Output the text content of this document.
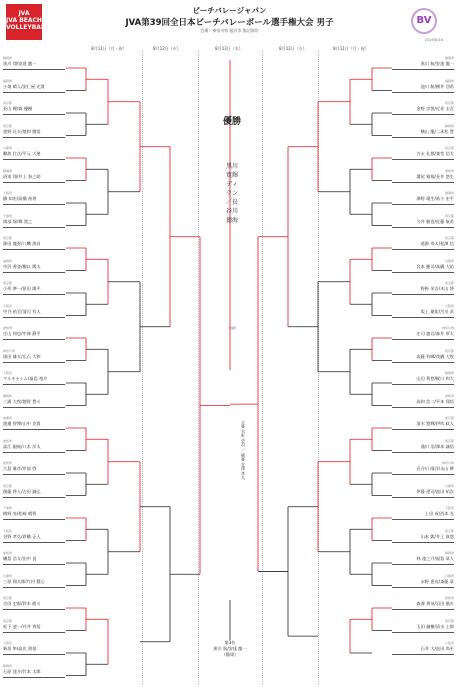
JVA
JVA BEACH VOLLEYBALL
BV
ビーチバレージャパン
JVA第39回全日本ビーチバレーボール選手権大会 男子
会場：神奈川県 藤沢市 鵠沼海岸
2025/8/16
8月11日（月・祝）	8月12日（火）	8月13日（水）	8月12日（火）	8月11日（月・祝）
静岡県
黒川 翔/安達 龍一
福岡県
小畑 晴人/安仁屋 光貴
東京都
長山 榎/森 優樹
東京都
金野 礼夫/境和 陽悟
兵庫県
難波 壮汰/平元 大進
静岡県
清家 翔/井上 泰之助
大阪府
橋 知宏/高橋 裕将
千葉県
岡部 保/舞 貴之
東京都
源田 龍弥/八幡 海音
福岡県
中沢 香登/柳以 陽太
東京都
小形 準一/原田 陽平
大阪府
中谷 祐至/清辺 有人
愛知県
庄山 和也/中澤 静平
神奈川県
岡田 雄太/広石 大和
大阪府
マルキナシム/福島 竜介
静岡県
三浦 大悦/越智 豊斗
沖縄県
渡邉 智博/山中 克貴
愛知県
高江 銀純/八木 洋太
愛知県
大島 雅彦/岸部 啓
東京都
後藤 将人/吉田 錦弘
千葉県
梅野 亮/松崎 晴智
大阪府
谷野 孝弘/倉橋 正人
愛知県
磯島 浩太/田中 良
兵庫県
三原 翔太郎/竹村 賢心
東京都
吉田 史郎/鈴木 皓斗
東京都
松下 凌一/丹井 秀悟
大阪府
新垣 隼/高比 朋基
静岡県
石原 達介/竹本 太郎
静岡県
黒川 航/安達 龍一
福岡県
池川 航/横井 団希
東京都
金野 宗悦/近祥 圭吾
静岡県
横山 龍/二本松 豊
東京都
吉永 礼都/兼堂 信太
愛知県
溝尾 雅規/長井 悠生
静岡県
澤野 瑠生/前小 宏平
東京都
今井 駿也/佐藤 航希
東京都
道源 寿太/松澤 信
兵庫県
宮本 慶司/高橋 大祐
東京都
野野 栄吾/木山 将
大阪府
坂上 雄矩/呂川 武
神奈川県
庄司 憲吾/森井 厚太
東京都
高藤 有暉/茂橋 大悦
静岡県
山辺 利悠/梶口 和大
愛知県
高和 信二/平本 翔悟
東京都
清水 惣輝/伊吹 政人
東京都
浦川 浩/澤本 誠悟
神奈川県
長谷川 隆洋/永山 輝
兵庫県
伊藤 遼司/池田 祐次
大阪府
上田 成/西本 光
東京都
山本 凱/井上 真悠
静岡県
林 徳之介/福島 章人
兵庫県
永野 恵亮/斎藤 章
愛知県
森澤 将英/羽田 風歩
東京都
玉田 錦樹/清水 士郎
大阪府
石井 大/池田 尚平
優勝
黒川寛輝ディラン／長谷川徳海
（愛媛）
主審 水町 壱羽 ／ 副審 北澤 孝太
第3位
黒川 航/安達 龍一
（静岡）
